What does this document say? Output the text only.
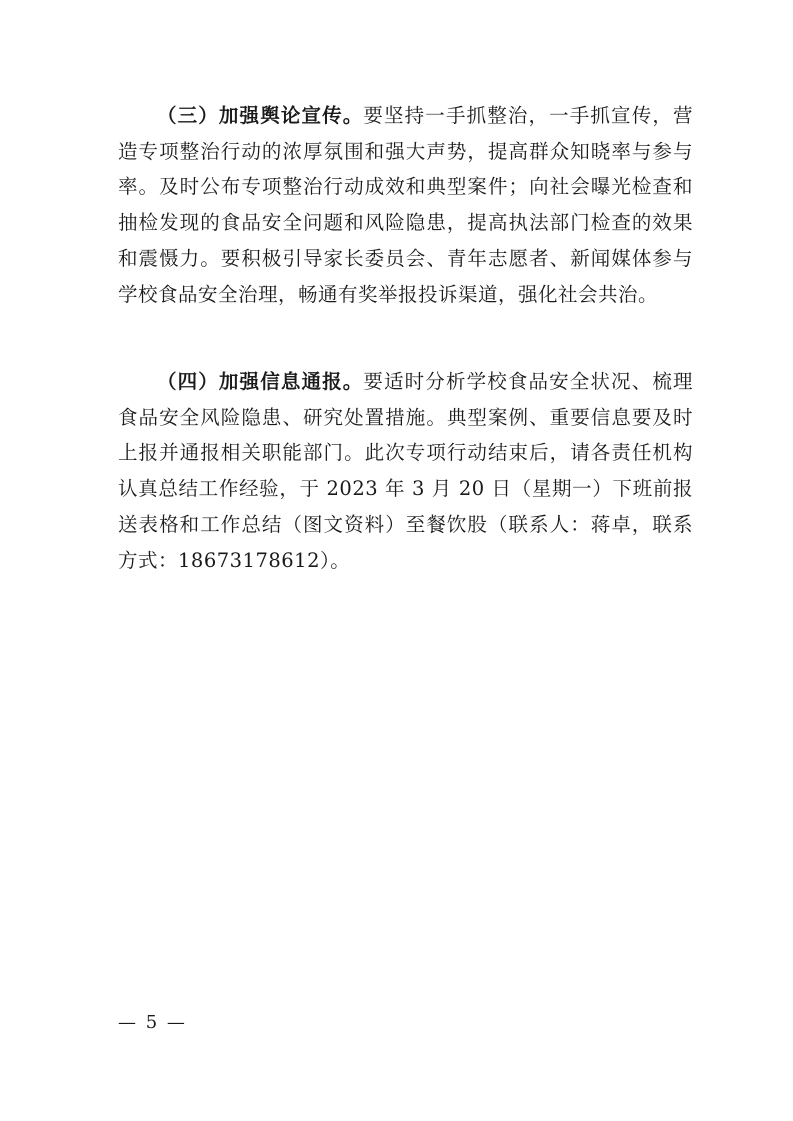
（三）加强舆论宣传。要坚持一手抓整治，一手抓宣传，营造专项整治行动的浓厚氛围和强大声势，提高群众知晓率与参与率。及时公布专项整治行动成效和典型案件；向社会曝光检查和抽检发现的食品安全问题和风险隐患，提高执法部门检查的效果和震慑力。要积极引导家长委员会、青年志愿者、新闻媒体参与学校食品安全治理，畅通有奖举报投诉渠道，强化社会共治。

（四）加强信息通报。要适时分析学校食品安全状况、梳理食品安全风险隐患、研究处置措施。典型案例、重要信息要及时上报并通报相关职能部门。此次专项行动结束后，请各责任机构认真总结工作经验，于 2023 年 3 月 20 日（星期一）下班前报送表格和工作总结（图文资料）至餐饮股（联系人：蒋卓，联系方式：18673178612）。

— 5 —
